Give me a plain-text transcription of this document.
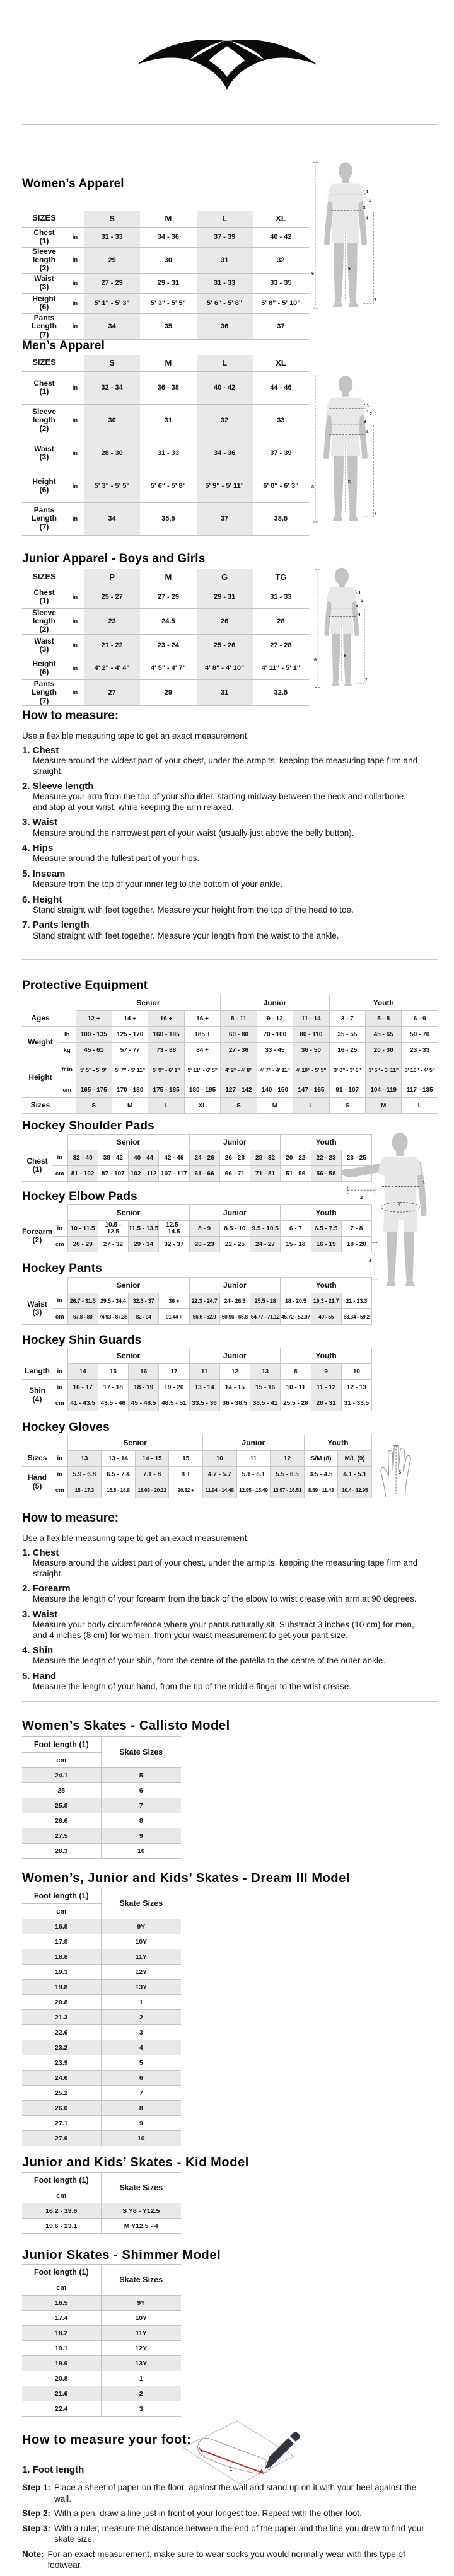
Women’s Apparel
SIZES		S	M	L	XL
Chest
(1)	in	31 - 33	34 - 36	37 - 39	40 - 42
Sleeve length
(2)	in	29	30	31	32
Waist
(3)	in	27 - 29	29 - 31	31 - 33	33 - 35
Height
(6)	in	5' 1" - 5' 3"	5' 3" - 5' 5"	5' 6" - 5' 8"	5' 8" - 5' 10"
Pants Length
(7)	in	34	35	36	37
1
2
3
4
5
6
7
Men’s Apparel
SIZES		S	M	L	XL
Chest
(1)	in	32 - 34	36 - 38	40 - 42	44 - 46
Sleeve length
(2)	in	30	31	32	33
Waist
(3)	in	28 - 30	31 - 33	34 - 36	37 - 39
Height
(6)	in	5' 3" - 5' 5"	5' 6" - 5' 8"	5' 9" - 5' 11"	6' 0" - 6' 3"
Pants Length
(7)	in	34	35.5	37	38.5
1
2
3
4
5
6
7
Junior Apparel - Boys and Girls
SIZES		P	M	G	TG
Chest
(1)	in	25 - 27	27 - 29	29 - 31	31 - 33
Sleeve length
(2)	in	23	24.5	26	28
Waist
(3)	in	21 - 22	23 - 24	25 - 26	27 - 28
Height
(6)	in	4' 2" - 4' 4"	4' 5" - 4' 7"	4' 8" - 4' 10"	4' 11" - 5' 1"
Pants Length
(7)	in	27	29	31	32.5
1
2
3
4
5
6
7
How to measure:

Use a flexible measuring tape to get an exact measurement.

1. Chest
Measure around the widest part of your chest, under the armpits, keeping the measuring tape firm and straight.
2. Sleeve length
Measure your arm from the top of your shoulder, starting midway between the neck and collarbone, and stop at your wrist, while keeping the arm relaxed.
3. Waist
Measure around the narrowest part of your waist (usually just above the belly button).
4. Hips
Measure around the fullest part of your hips.
5. Inseam
Measure from the top of your inner leg to the bottom of your ankle.
6. Height
Stand straight with feet together. Measure your height from the top of the head to toe.
7. Pants length
Stand straight with feet together. Measure your length from the waist to the ankle.
Protective Equipment
		Senior				Junior			Youth		
Ages		12 +	14 +	16 +	16 +	8 - 11	9 - 12	11 - 14	3 - 7	5 - 8	6 - 9
Weight	lb	100 - 135	125 - 170	160 - 195	185 +	60 - 80	70 - 100	80 - 110	35 - 55	45 - 65	50 - 70
	kg	45 - 61	57 - 77	73 - 88	84 +	27 - 36	33 - 45	36 - 50	16 - 25	20 - 30	23 - 33
Height	ft in	5' 5" - 5' 9"	5' 7" - 5' 11"	5' 9" - 6' 1"	5' 11" - 6' 5"	4' 2" - 4' 8"	4' 7" - 4' 11"	4' 10" - 5' 5"	3' 0" - 3' 6"	3' 5" - 3' 11"	3' 10" - 4' 5"
	cm	165 - 175	170 - 180	175 - 185	180 - 195	127 - 142	140 - 150	147 - 165	91 - 107	104 - 119	117 - 135
Sizes		S	M	L	XL	S	M	L	S	M	L
Hockey Shoulder Pads
		Senior				Junior			Youth		
Chest
(1)	in	32 - 40	38 - 42	40 - 44	42 - 46	24 - 26	26 - 28	28 - 32	20 - 22	22 - 23	23 - 25
	cm	81 - 102	87 - 107	102 - 112	107 - 117	61 - 66	66 - 71	71 - 81	51 - 56	56 - 58	
1
2
3
4
Hockey Elbow Pads
		Senior				Junior			Youth		
Forearm
(2)	in	10 - 11.5	10.5 - 12.5	11.5 - 13.5	12.5 - 14.5	8 - 9	8.5 - 10	9.5 - 10.5	6 - 7	6.5 - 7.5	7 - 8
	cm	26 - 29	27 - 32	29 - 34	32 - 37	20 - 23	22 - 25	24 - 27	15 - 18	16 - 19	18 - 20
Hockey Pants
		Senior				Junior			Youth		
Waist
(3)	in	26.7 - 31.5	29.5 - 34.4	32.3 - 37	36 +	22.3 - 24.7	24 - 26.3	25.5 - 28	18 - 20.5	19.3 - 21.7	21 - 23.3
	cm	67.8 - 80	74.93 - 87.38	82 - 94	91.44 +	56.6 - 62.9	60.96 - 66.8	64.77 - 71.12	45.72 - 52.07	49 - 55	53.34 - 59.2
Hockey Shin Guards
		Senior				Junior			Youth		
Length	in	14	15	16	17	11	12	13	8	9	10
Shin
(4)	in	16 - 17	17 - 18	18 - 19	19 - 20	13 - 14	14 - 15	15 - 16	10 - 11	11 - 12	12 - 13
	cm	41 - 43.5	43.5 - 46	45 - 48.5	48.5 - 51	33.5 - 36	36 - 38.5	38.5 - 41	25.5 - 28	28 - 31	31 - 33.5
Hockey Gloves
		Senior				Junior			Youth	
Sizes	in	13	13 - 14	14 - 15	15	10	11	12	S/M (8)	M/L (9)
Hand
(5)	in	5.9 - 6.8	6.5 - 7.4	7.1 - 8	8 +	4.7 - 5.7	5.1 - 6.1	5.5 - 6.5	3.5 - 4.5	4.1 - 5.1
	cm	15 - 17.3	16.5 - 18.8	18.03 - 20.32	20.32 +	11.94 - 14.48	12.95 - 15.49	13.97 - 16.51	8.89 - 11.43	10.4 - 12.95
5
How to measure:

Use a flexible measuring tape to get an exact measurement.

1. Chest
Measure around the widest part of your chest, under the armpits, keeping the measuring tape firm and straight.
2. Forearm
Measure the length of your forearm from the back of the elbow to wrist crease with arm at 90 degrees.
3. Waist
Measure your body circumference where your pants naturally sit. Substract 3 inches (10 cm) for men, and 4 inches (8 cm) for women, from your waist measurement to get your pant size.
4. Shin
Measure the length of your shin, from the centre of the patella to the centre of the outer ankle.
5. Hand
Measure the length of your hand, from the tip of the middle finger to the wrist crease.
Women’s Skates - Callisto Model
Foot length (1)	Skate Sizes
cm	
24.1	5
25	6
25.8	7
26.6	8
27.5	9
28.3	10
Women’s, Junior and Kids’ Skates - Dream III Model
Foot length (1)	Skate Sizes
cm	
16.8	9Y
17.8	10Y
18.8	11Y
19.3	12Y
19.8	13Y
20.8	1
21.3	2
22.6	3
23.2	4
23.9	5
24.6	6
25.2	7
26.0	8
27.1	9
27.9	10
Junior and Kids’ Skates - Kid Model
Foot length (1)	Skate Sizes
cm	
16.2 - 19.6	S Y8 - Y12.5
19.6 - 23.1	M Y12.5 - 4
Junior Skates - Shimmer Model
Foot length (1)	Skate Sizes
cm	
16.5	9Y
17.4	10Y
18.2	11Y
19.1	12Y
19.9	13Y
20.8	1
21.6	2
22.4	3
How to measure your foot:
1
1. Foot length
Step 1: Place a sheet of paper on the floor, against the wall and stand up on it with your heel against the wall.
Step 2: With a pen, draw a line just in front of your longest toe. Repeat with the other foot.
Step 3: With a ruler, measure the distance between the end of the paper and the line you drew to find your skate size.
Note: For an exact measurement, make sure to wear socks you would normally wear with this type of footwear.
